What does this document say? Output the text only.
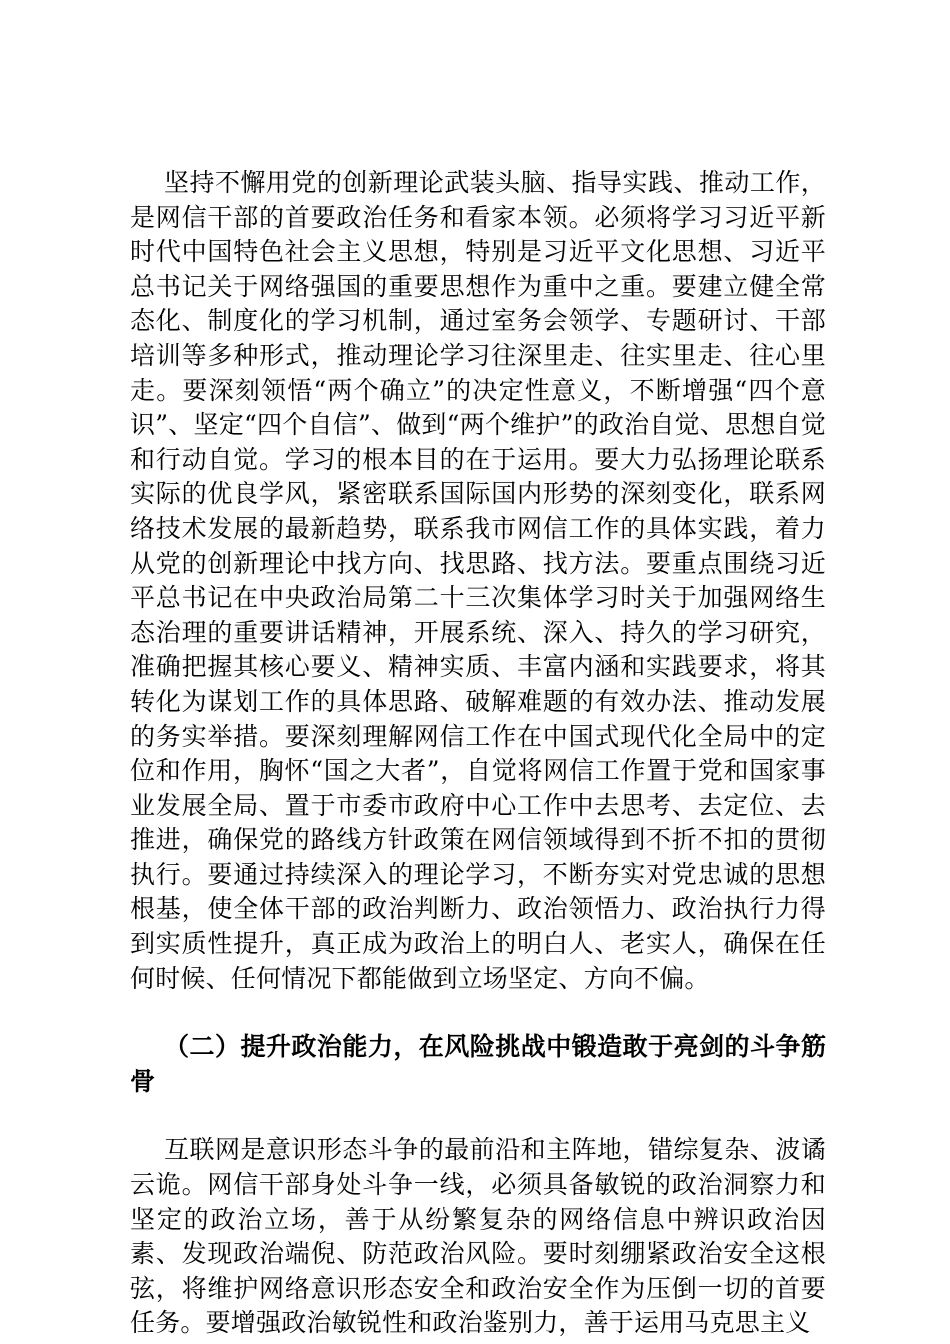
坚持不懈用党的创新理论武装头脑、指导实践、推动工作，是网信干部的首要政治任务和看家本领。必须将学习习近平新时代中国特色社会主义思想，特别是习近平文化思想、习近平总书记关于网络强国的重要思想作为重中之重。要建立健全常态化、制度化的学习机制，通过室务会领学、专题研讨、干部培训等多种形式，推动理论学习往深里走、往实里走、往心里走。要深刻领悟“两个确立”的决定性意义，不断增强“四个意识”、坚定“四个自信”、做到“两个维护”的政治自觉、思想自觉和行动自觉。学习的根本目的在于运用。要大力弘扬理论联系实际的优良学风，紧密联系国际国内形势的深刻变化，联系网络技术发展的最新趋势，联系我市网信工作的具体实践，着力从党的创新理论中找方向、找思路、找方法。要重点围绕习近平总书记在中央政治局第二十三次集体学习时关于加强网络生态治理的重要讲话精神，开展系统、深入、持久的学习研究，准确把握其核心要义、精神实质、丰富内涵和实践要求，将其转化为谋划工作的具体思路、破解难题的有效办法、推动发展的务实举措。要深刻理解网信工作在中国式现代化全局中的定位和作用，胸怀“国之大者”，自觉将网信工作置于党和国家事业发展全局、置于市委市政府中心工作中去思考、去定位、去推进，确保党的路线方针政策在网信领域得到不折不扣的贯彻执行。要通过持续深入的理论学习，不断夯实对党忠诚的思想根基，使全体干部的政治判断力、政治领悟力、政治执行力得到实质性提升，真正成为政治上的明白人、老实人，确保在任何时候、任何情况下都能做到立场坚定、方向不偏。

（二）提升政治能力，在风险挑战中锻造敢于亮剑的斗争筋骨

互联网是意识形态斗争的最前沿和主阵地，错综复杂、波谲云诡。网信干部身处斗争一线，必须具备敏锐的政治洞察力和坚定的政治立场，善于从纷繁复杂的网络信息中辨识政治因素、发现政治端倪、防范政治风险。要时刻绷紧政治安全这根弦，将维护网络意识形态安全和政治安全作为压倒一切的首要任务。要增强政治敏锐性和政治鉴别力，善于运用马克思主义
